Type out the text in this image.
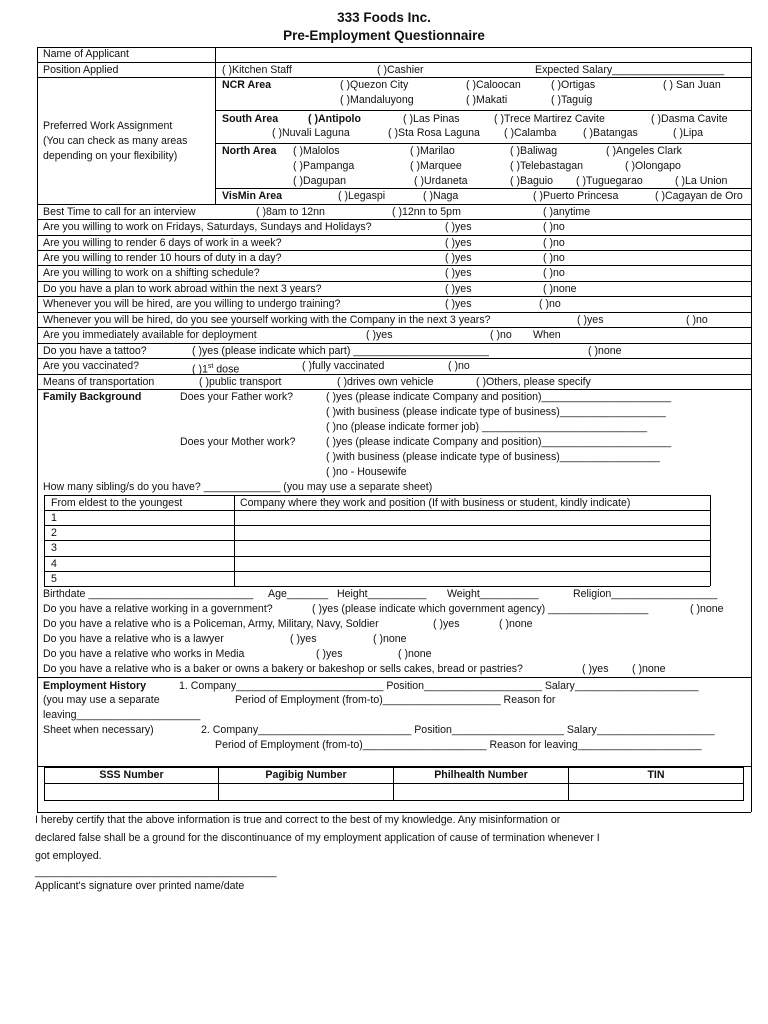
333 Foods Inc.
Pre-Employment Questionnaire
Name of Applicant
Position Applied	( )Kitchen Staff	( )Cashier	Expected Salary___________________
Preferred Work Assignment
(You can check as many areas
depending on your flexibility)
NCR Area	( )Quezon City	( )Caloocan	( )Ortigas	( ) San Juan
( )Mandaluyong	( )Makati	( )Taguig
South Area	( )Antipolo	( )Las Pinas	( )Trece Martirez Cavite	( )Dasma Cavite
( )Nuvali Laguna	( )Sta Rosa Laguna ( )Calamba	( )Batangas	( )Lipa
North Area ( )Malolos	( )Marilao	( )Baliwag	( )Angeles Clark
( )Pampanga	( )Marquee	( )Telebastagan	( )Olongapo
( )Dagupan	( )Urdaneta	( )Baguio ( )Tuguegarao	( )La Union
VisMin Area	( )Legaspi	( )Naga	( )Puerto Princesa	( )Cagayan de Oro
Best Time to call for an interview	( )8am to 12nn	( )12nn to 5pm	( )anytime
Are you willing to work on Fridays, Saturdays, Sundays and Holidays?	( )yes	( )no
Are you willing to render 6 days of work in a week?	( )yes	( )no
Are you willing to render 10 hours of duty in a day?	( )yes	( )no
Are you willing to work on a shifting schedule?	( )yes	( )no
Do you have a plan to work abroad within the next 3 years?	( )yes	( )none
Whenever you will be hired, are you willing to undergo training?	( )yes	( )no
Whenever you will be hired, do you see yourself working with the Company in the next 3 years?	( )yes	( )no
Are you immediately available for deployment	( )yes	( )no When
Do you have a tattoo?	( )yes (please indicate which part) _______________________	( )none
Are you vaccinated?	( )1st dose	( )fully vaccinated	( )no
Means of transportation	( )public transport	( )drives own vehicle	( )Others, please specify
Family Background	Does your Father work?	( )yes (please indicate Company and position)______________________
( )with business (please indicate type of business)__________________
( )no (please indicate former job) ____________________________
Does your Mother work?	( )yes (please indicate Company and position)______________________
( )with business (please indicate type of business)_________________
( )no - Housewife
How many sibling/s do you have? _____________ (you may use a separate sheet)
From eldest to the youngest	Company where they work and position (If with business or student, kindly indicate)
1
2
3
4
5
Birthdate ____________________________ Age_______ Height__________ Weight__________	Religion__________________
Do you have a relative working in a government?	( )yes (please indicate which government agency) _________________	( )none
Do you have a relative who is a Policeman, Army, Military, Navy, Soldier	( )yes	( )none
Do you have a relative who is a lawyer	( )yes	( )none
Do you have a relative who works in Media	( )yes	( )none
Do you have a relative who is a baker or owns a bakery or bakeshop or sells cakes, bread or pastries?	( )yes ( )none
Employment History	1. Company_________________________ Position____________________ Salary_____________________
(you may use a separate	Period of Employment (from-to)____________________ Reason for
leaving_____________________
Sheet when necessary)	2. Company__________________________ Position___________________ Salary____________________
Period of Employment (from-to)_____________________ Reason for leaving_____________________
SSS Number	Pagibig Number	Philhealth Number	TIN
I hereby certify that the above information is true and correct to the best of my knowledge. Any misinformation or
declared false shall be a ground for the discontinuance of my employment application of cause of termination whenever I
got employed.
_________________________________________
Applicant's signature over printed name/date
